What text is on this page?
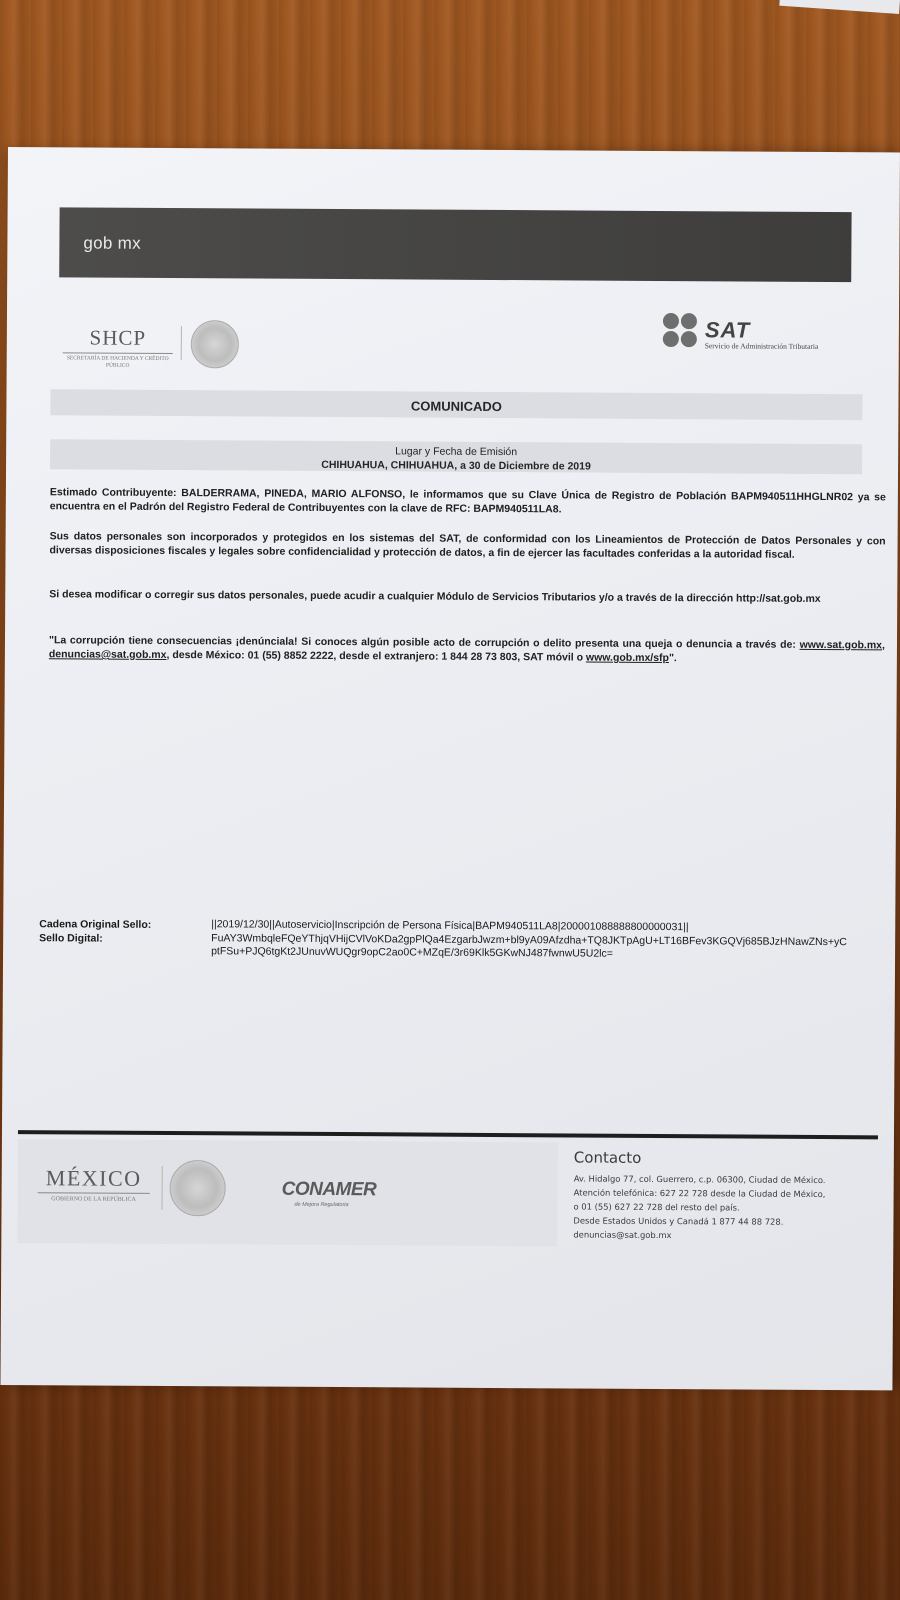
gob mx
SHCP
SECRETARÍA DE HACIENDA Y CRÉDITO PÚBLICO
SAT
Servicio de Administración Tributaria
COMUNICADO
Lugar y Fecha de Emisión
CHIHUAHUA, CHIHUAHUA, a 30 de Diciembre de 2019
Estimado Contribuyente: BALDERRAMA, PINEDA, MARIO ALFONSO, le informamos que su Clave Única de Registro de Población BAPM940511HHGLNR02 ya se encuentra en el Padrón del Registro Federal de Contribuyentes con la clave de RFC: BAPM940511LA8.
Sus datos personales son incorporados y protegidos en los sistemas del SAT, de conformidad con los Lineamientos de Protección de Datos Personales y con diversas disposiciones fiscales y legales sobre confidencialidad y protección de datos, a fin de ejercer las facultades conferidas a la autoridad fiscal.
Si desea modificar o corregir sus datos personales, puede acudir a cualquier Módulo de Servicios Tributarios y/o a través de la dirección http://sat.gob.mx
"La corrupción tiene consecuencias ¡denúnciala! Si conoces algún posible acto de corrupción o delito presenta una queja o denuncia a través de: www.sat.gob.mx, denuncias@sat.gob.mx, desde México: 01 (55) 8852 2222, desde el extranjero: 1 844 28 73 803, SAT móvil o www.gob.mx/sfp".
Cadena Original Sello:	||2019/12/30||Autoservicio|Inscripción de Persona Física|BAPM940511LA8|200001088888800000031||
Sello Digital:	FuAY3WmbqleFQeYThjqVHijCVlVoKDa2gpPlQa4EzgarbJwzm+bl9yA09Afzdha+TQ8JKTpAgU+LT16BFev3KGQVj685BJzHNawZNs+yCptFSu+PJQ6tgKt2JUnuvWUQgr9opC2ao0C+MZqE/3r69Klk5GKwNJ487fwnwU5U2lc=
MÉXICO
GOBIERNO DE LA REPÚBLICA	CONAMER
de Mejora Regulatoria
Contacto
Av. Hidalgo 77, col. Guerrero, c.p. 06300, Ciudad de México.
Atención telefónica: 627 22 728 desde la Ciudad de México,
o 01 (55) 627 22 728 del resto del país.
Desde Estados Unidos y Canadá 1 877 44 88 728.
denuncias@sat.gob.mx
